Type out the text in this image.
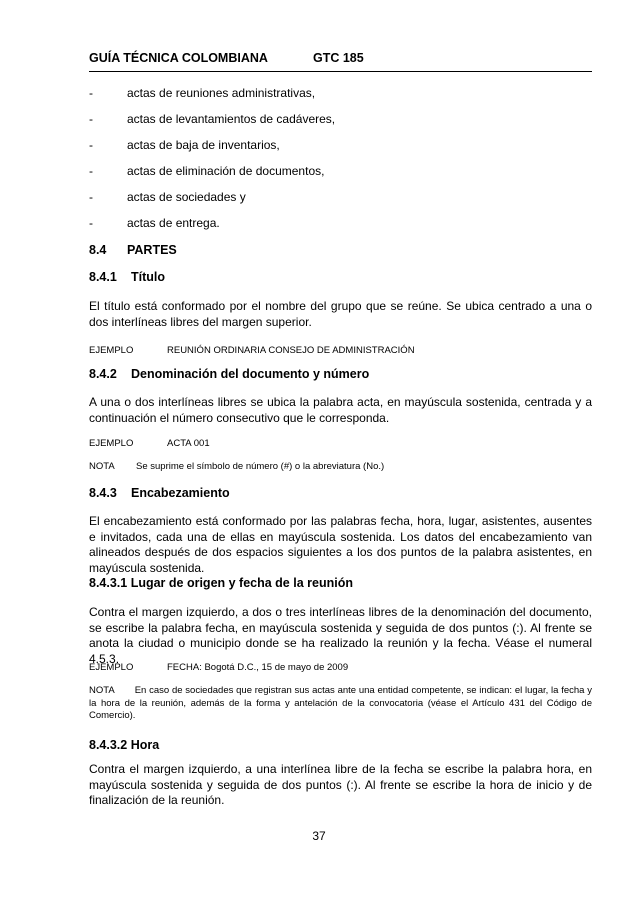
GUÍA TÉCNICA COLOMBIANA	GTC 185
-	actas de reuniones administrativas,
-	actas de levantamientos de cadáveres,
-	actas de baja de inventarios,
-	actas de eliminación de documentos,
-	actas de sociedades y
-	actas de entrega.
8.4 PARTES
8.4.1 Título
El título está conformado por el nombre del grupo que se reúne. Se ubica centrado a una o dos interlíneas libres del margen superior.
EJEMPLO	REUNIÓN ORDINARIA CONSEJO DE ADMINISTRACIÓN
8.4.2 Denominación del documento y número
A una o dos interlíneas libres se ubica la palabra acta, en mayúscula sostenida, centrada y a continuación el número consecutivo que le corresponda.
EJEMPLO	ACTA 001
NOTA Se suprime el símbolo de número (#) o la abreviatura (No.)
8.4.3 Encabezamiento
El encabezamiento está conformado por las palabras fecha, hora, lugar, asistentes, ausentes e invitados, cada una de ellas en mayúscula sostenida. Los datos del encabezamiento van alineados después de dos espacios siguientes a los dos puntos de la palabra asistentes, en mayúscula sostenida.
8.4.3.1 Lugar de origen y fecha de la reunión
Contra el margen izquierdo, a dos o tres interlíneas libres de la denominación del documento, se escribe la palabra fecha, en mayúscula sostenida y seguida de dos puntos (:). Al frente se anota la ciudad o municipio donde se ha realizado la reunión y la fecha. Véase el numeral 4.5.3.
EJEMPLO	FECHA: Bogotá D.C., 15 de mayo de 2009
NOTA En caso de sociedades que registran sus actas ante una entidad competente, se indican: el lugar, la fecha y la hora de la reunión, además de la forma y antelación de la convocatoria (véase el Artículo 431 del Código de Comercio).
8.4.3.2 Hora
Contra el margen izquierdo, a una interlínea libre de la fecha se escribe la palabra hora, en mayúscula sostenida y seguida de dos puntos (:). Al frente se escribe la hora de inicio y de finalización de la reunión.
37
